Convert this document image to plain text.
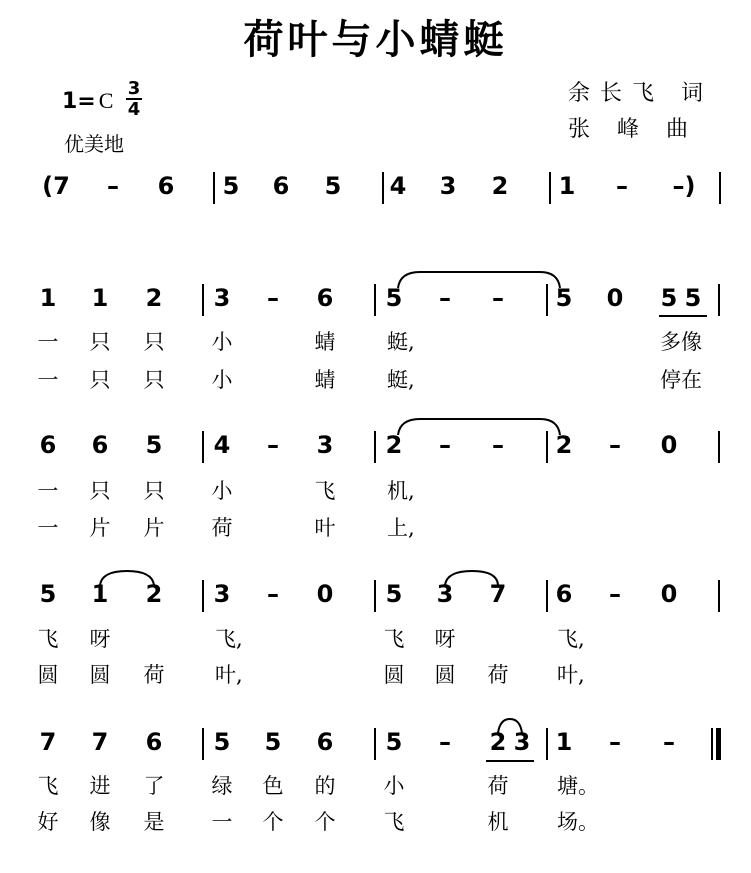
荷叶与小蜻蜓
1= C 3
4
优美地
余长飞 词
张 峰 曲
(7 – 6 5 6 5 4 3 2 1 –	–)
1 1 2 3 – 6 5 – – 5 0 5 5
一 只 只 小	蜻 蜓,	多像
一 只 只 小	蜻 蜓,	停在
6 6 5 4 – 3 2 – – 2 – 0
一 只 只 小	飞 机,
一 片 片 荷	叶 上,
5 1 2 3 – 0 5 3 7 6 – 0
飞 呀	飞,	飞 呀	飞,
圆 圆 荷 叶,	圆 圆 荷 叶,
7 7 6 5 5 6 5 – 2 3 1 – –
飞 进 了 绿 色 的 小	荷 塘。
好 像 是 一 个 个 飞	机 场。
